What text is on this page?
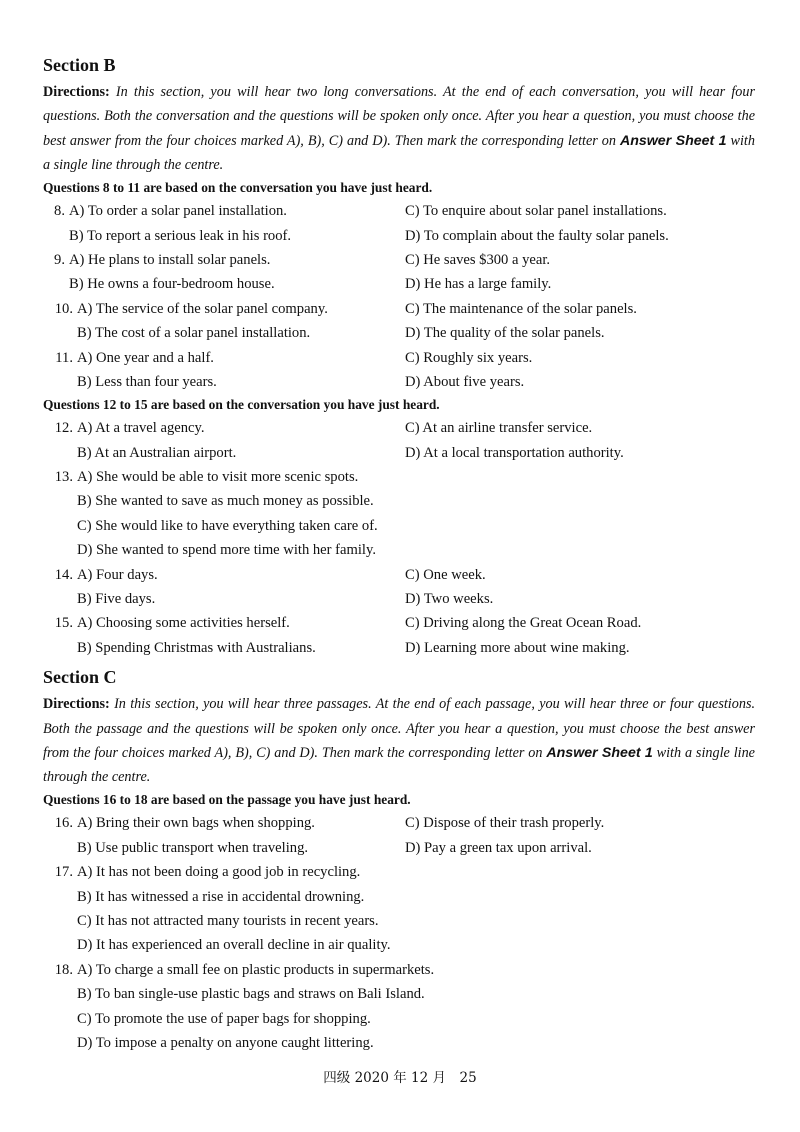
Section B

Directions: In this section, you will hear two long conversations. At the end of each conversation, you will hear four questions. Both the conversation and the questions will be spoken only once. After you hear a question, you must choose the best answer from the four choices marked A), B), C) and D). Then mark the corresponding letter on Answer Sheet 1 with a single line through the centre.

Questions 8 to 11 are based on the conversation you have just heard.
8. A) To order a solar panel installation.	C) To enquire about solar panel installations.
B) To report a serious leak in his roof.	D) To complain about the faulty solar panels.
9. A) He plans to install solar panels.	C) He saves $300 a year.
B) He owns a four-bedroom house.	D) He has a large family.
10. A) The service of the solar panel company.	C) The maintenance of the solar panels.
B) The cost of a solar panel installation.	D) The quality of the solar panels.
11. A) One year and a half.	C) Roughly six years.
B) Less than four years.	D) About five years.
Questions 12 to 15 are based on the conversation you have just heard.
12. A) At a travel agency.	C) At an airline transfer service.
B) At an Australian airport.	D) At a local transportation authority.
13. A) She would be able to visit more scenic spots.
B) She wanted to save as much money as possible.
C) She would like to have everything taken care of.
D) She wanted to spend more time with her family.
14. A) Four days.	C) One week.
B) Five days.	D) Two weeks.
15. A) Choosing some activities herself.	C) Driving along the Great Ocean Road.
B) Spending Christmas with Australians.	D) Learning more about wine making.
Section C

Directions: In this section, you will hear three passages. At the end of each passage, you will hear three or four questions. Both the passage and the questions will be spoken only once. After you hear a question, you must choose the best answer from the four choices marked A), B), C) and D). Then mark the corresponding letter on Answer Sheet 1 with a single line through the centre.

Questions 16 to 18 are based on the passage you have just heard.
16. A) Bring their own bags when shopping.	C) Dispose of their trash properly.
B) Use public transport when traveling.	D) Pay a green tax upon arrival.
17. A) It has not been doing a good job in recycling.
B) It has witnessed a rise in accidental drowning.
C) It has not attracted many tourists in recent years.
D) It has experienced an overall decline in air quality.
18. A) To charge a small fee on plastic products in supermarkets.
B) To ban single-use plastic bags and straws on Bali Island.
C) To promote the use of paper bags for shopping.
D) To impose a penalty on anyone caught littering.
四级 2020 年 12 月　25
